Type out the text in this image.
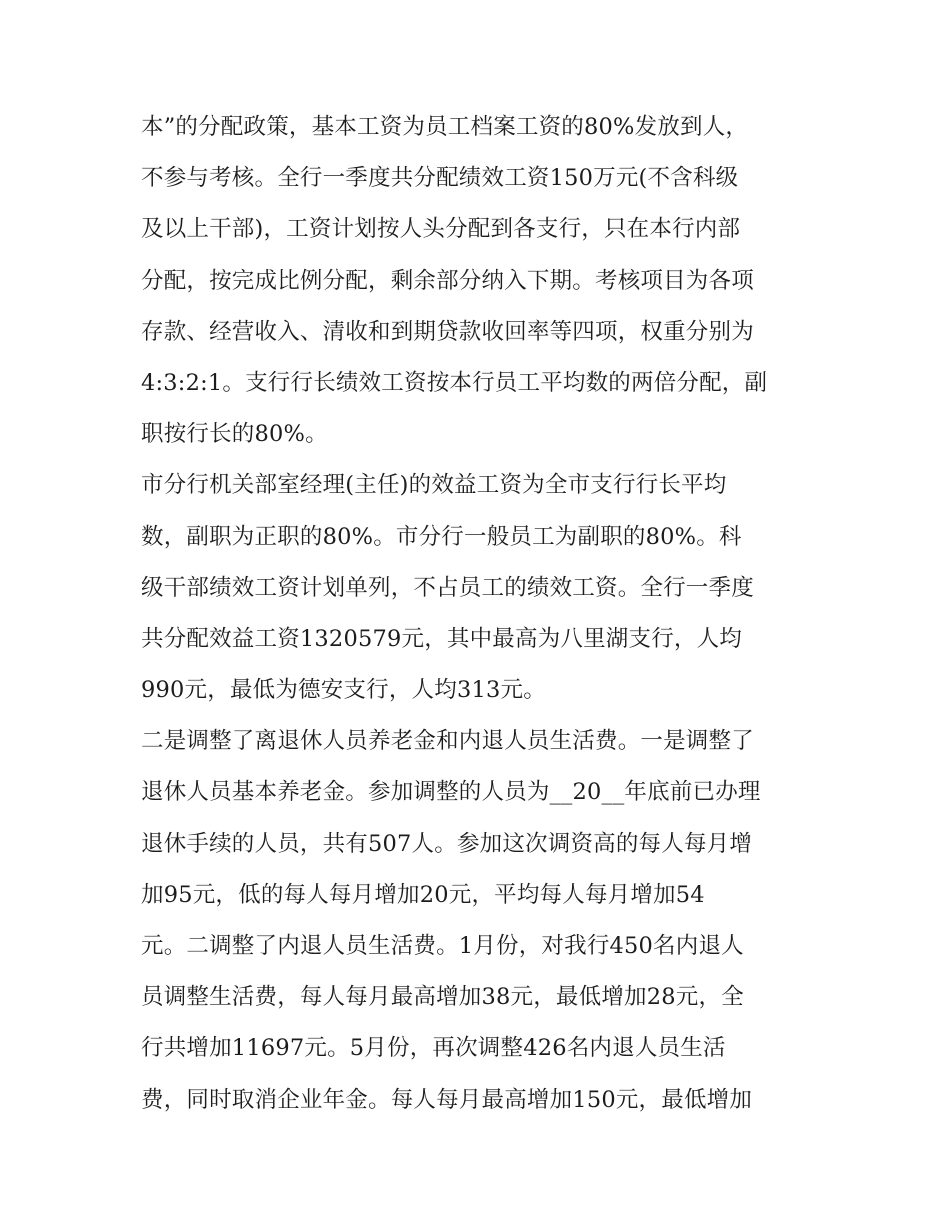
本”的分配政策，基本工资为员工档案工资的80%发放到人，
不参与考核。全行一季度共分配绩效工资150万元(不含科级
及以上干部)，工资计划按人头分配到各支行，只在本行内部
分配，按完成比例分配，剩余部分纳入下期。考核项目为各项
存款、经营收入、清收和到期贷款收回率等四项，权重分别为
4:3:2:1。支行行长绩效工资按本行员工平均数的两倍分配，副
职按行长的80%。
市分行机关部室经理(主任)的效益工资为全市支行行长平均
数，副职为正职的80%。市分行一般员工为副职的80%。科
级干部绩效工资计划单列，不占员工的绩效工资。全行一季度
共分配效益工资1320579元，其中最高为八里湖支行，人均
990元，最低为德安支行，人均313元。
二是调整了离退休人员养老金和内退人员生活费。一是调整了
退休人员基本养老金。参加调整的人员为__20__年底前已办理
退休手续的人员，共有507人。参加这次调资高的每人每月增
加95元，低的每人每月增加20元，平均每人每月增加54
元。二调整了内退人员生活费。1月份，对我行450名内退人
员调整生活费，每人每月最高增加38元，最低增加28元，全
行共增加11697元。5月份，再次调整426名内退人员生活
费，同时取消企业年金。每人每月最高增加150元，最低增加
